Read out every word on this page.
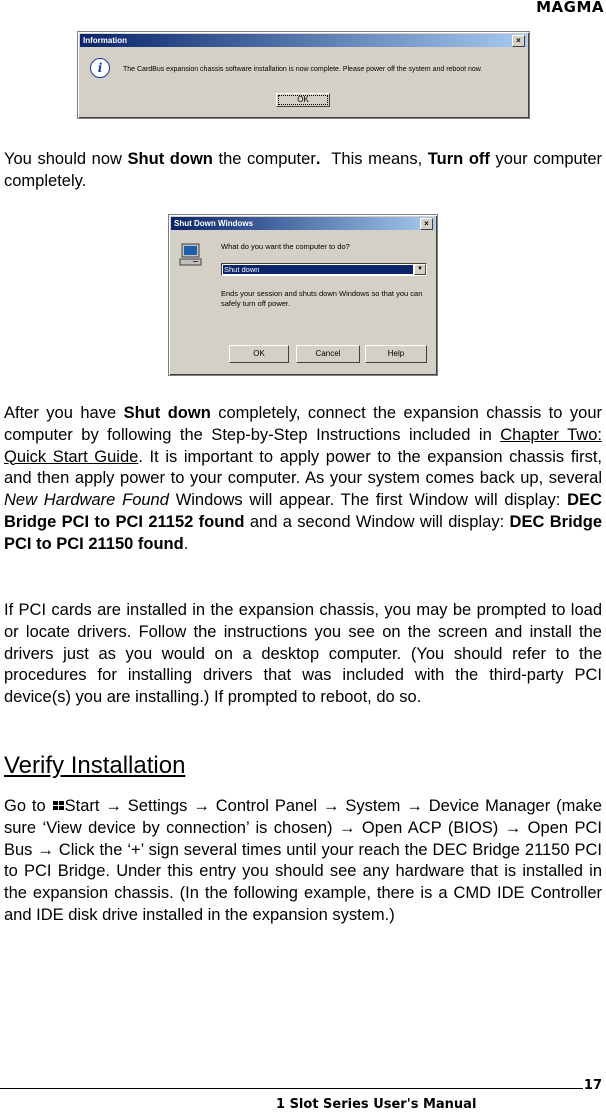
MAGMA
Information	×
i	The CardBus expansion chassis software installation is now complete. Please power off the system and reboot now.
OK

You should now Shut down the computer.  This means, Turn off your computer completely.

Shut Down Windows	×
What do you want the computer to do?
Shut down	▼
Ends your session and shuts down Windows so that you can safely turn off power.
OK	Cancel	Help

After you have Shut down completely, connect the expansion chassis to your computer by following the Step-by-Step Instructions included in Chapter Two: Quick Start Guide. It is important to apply power to the expansion chassis first, and then apply power to your computer. As your system comes back up, several New Hardware Found Windows will appear. The first Window will display: DEC Bridge PCI to PCI 21152 found and a second Window will display: DEC Bridge PCI to PCI 21150 found.

If PCI cards are installed in the expansion chassis, you may be prompted to load or locate drivers. Follow the instructions you see on the screen and install the drivers just as you would on a desktop computer. (You should refer to the procedures for installing drivers that was included with the third-party PCI device(s) you are installing.) If prompted to reboot, do so.

Verify Installation

Go to Start → Settings → Control Panel → System → Device Manager (make sure ‘View device by connection’ is chosen) → Open ACP (BIOS) → Open PCI Bus → Click the ‘+’ sign several times until your reach the DEC Bridge 21150 PCI to PCI Bridge. Under this entry you should see any hardware that is installed in the expansion chassis. (In the following example, there is a CMD IDE Controller and IDE disk drive installed in the expansion system.)

17
1 Slot Series User's Manual
